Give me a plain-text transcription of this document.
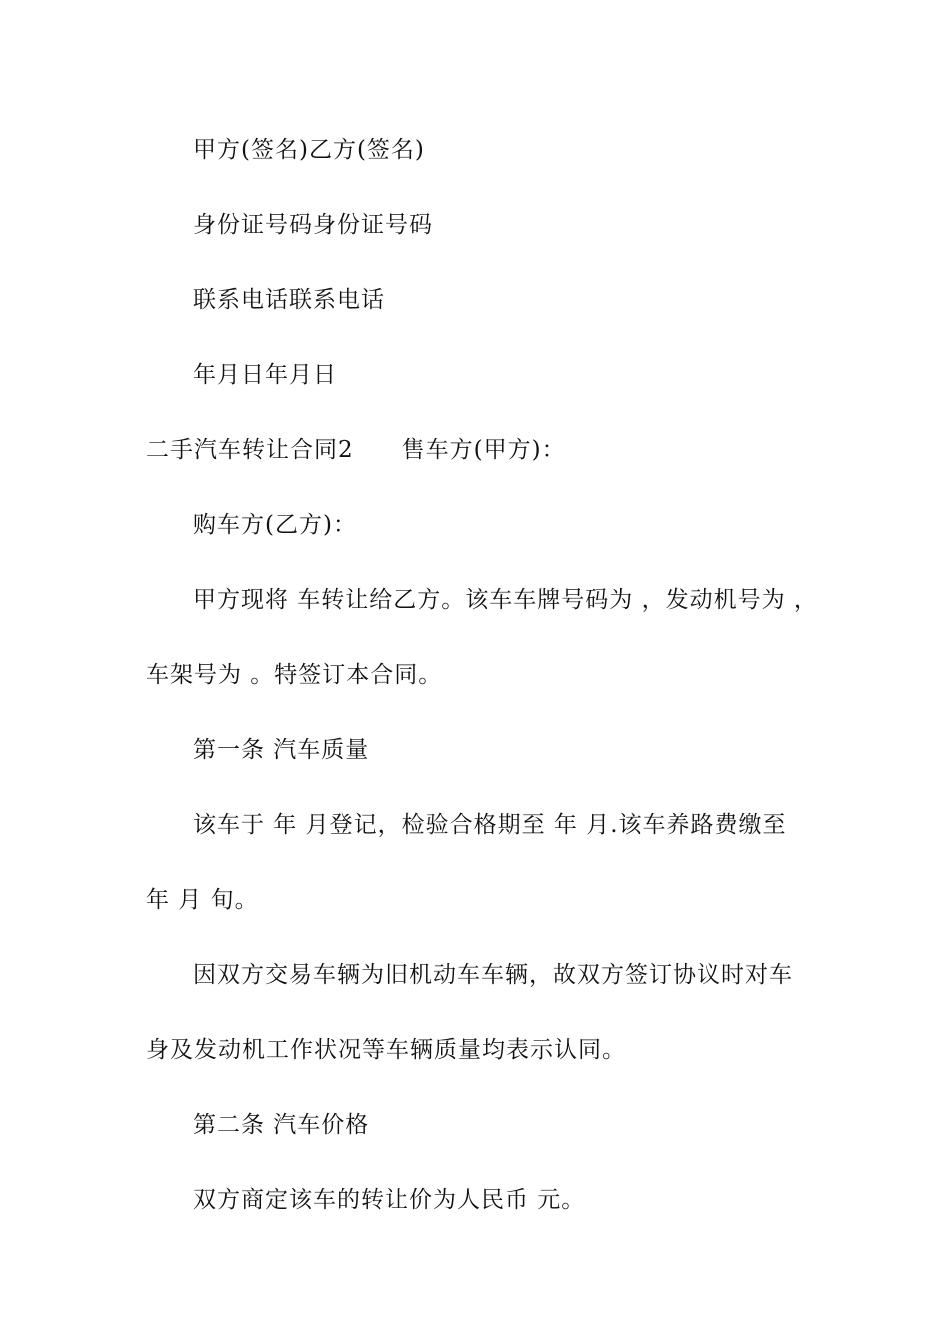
甲方(签名)乙方(签名)
身份证号码身份证号码
联系电话联系电话
年月日年月日
二手汽车转让合同2　　售车方(甲方)：
购车方(乙方)：
甲方现将 车转让给乙方。该车车牌号码为 ，发动机号为 ，
车架号为 。特签订本合同。
第一条 汽车质量
该车于 年 月登记，检验合格期至 年 月.该车养路费缴至
年 月 旬。
因双方交易车辆为旧机动车车辆，故双方签订协议时对车
身及发动机工作状况等车辆质量均表示认同。
第二条 汽车价格
双方商定该车的转让价为人民币 元。
